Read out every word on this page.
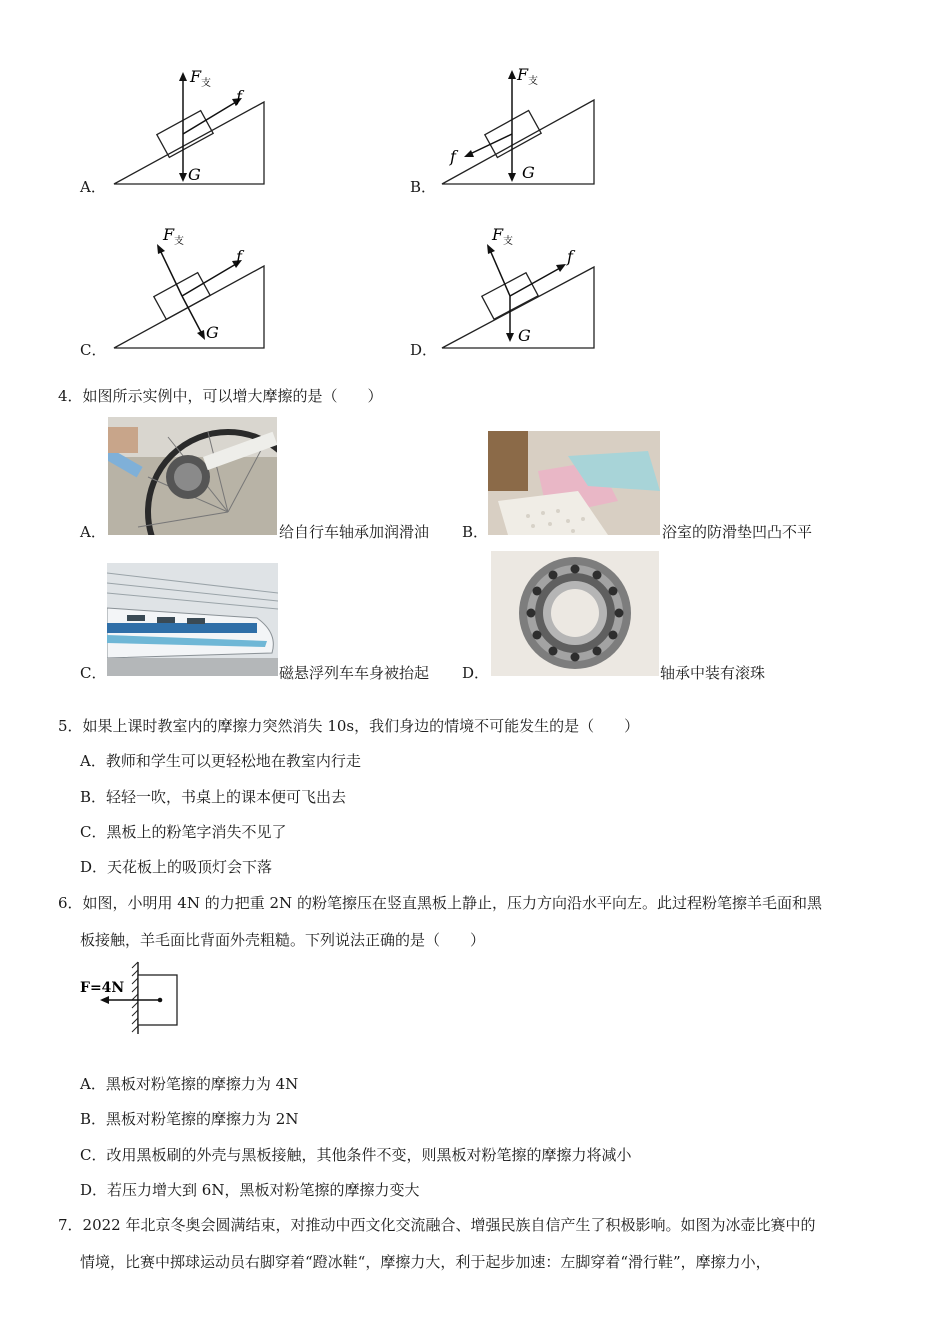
A．
F 支
f
G
B．
F 支
f
G
C．
F 支
f
G
D．
F 支
f
G
4．如图所示实例中，可以增大摩擦的是（　　）
A．	给自行车轴承加润滑油 B．	浴室的防滑垫凹凸不平
C．	磁悬浮列车车身被抬起 D．	轴承中装有滚珠
5．如果上课时教室内的摩擦力突然消失 10s，我们身边的情境不可能发生的是（　　）
A．教师和学生可以更轻松地在教室内行走
B．轻轻一吹，书桌上的课本便可飞出去
C．黑板上的粉笔字消失不见了
D．天花板上的吸顶灯会下落
6．如图，小明用 4N 的力把重 2N 的粉笔擦压在竖直黑板上静止，压力方向沿水平向左。此过程粉笔擦羊毛面和黑
板接触，羊毛面比背面外壳粗糙。下列说法正确的是（　　）
F=4N
A．黑板对粉笔擦的摩擦力为 4N
B．黑板对粉笔擦的摩擦力为 2N
C．改用黑板刷的外壳与黑板接触，其他条件不变，则黑板对粉笔擦的摩擦力将减小
D．若压力增大到 6N，黑板对粉笔擦的摩擦力变大
7．2022 年北京冬奥会圆满结束，对推动中西文化交流融合、增强民族自信产生了积极影响。如图为冰壶比赛中的
情境，比赛中掷球运动员右脚穿着“蹬冰鞋“，摩擦力大，利于起步加速：左脚穿着“滑行鞋”，摩擦力小，
